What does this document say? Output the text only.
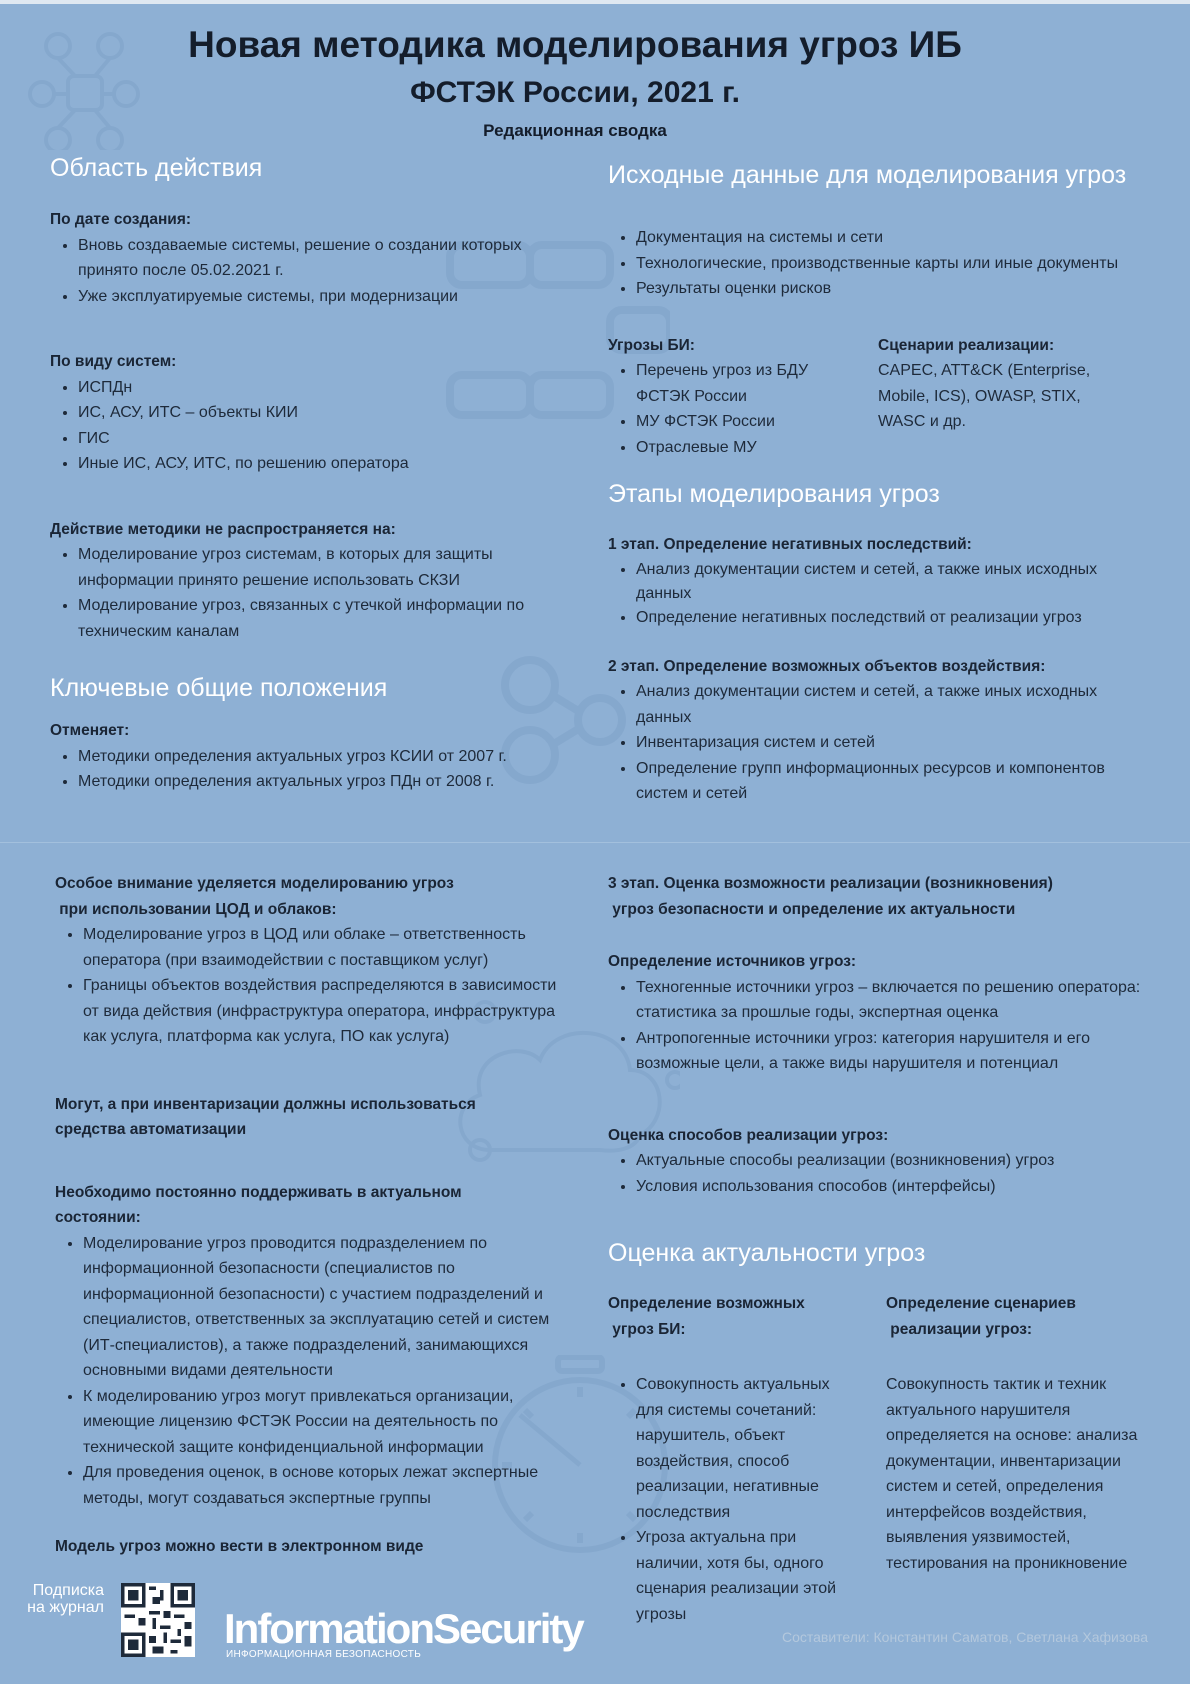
Новая методика моделирования угроз ИБ
ФСТЭК России, 2021 г.
Редакционная сводка
Область действия

По дате создания:

• Вновь создаваемые системы, решение о создании которых принято после 05.02.2021 г.
• Уже эксплуатируемые системы, при модернизации

По виду систем:

• ИСПДн
• ИС, АСУ, ИТС – объекты КИИ
• ГИС
• Иные ИС, АСУ, ИТС, по решению оператора

Действие методики не распространяется на:

• Моделирование угроз системам, в которых для защиты информации принято решение использовать СКЗИ
• Моделирование угроз, связанных с утечкой информации по техническим каналам
Ключевые общие положения

Отменяет:

• Методики определения актуальных угроз КСИИ от 2007 г.
• Методики определения актуальных угроз ПДн от 2008 г.
Исходные данные для моделирования угроз
• Документация на системы и сети
• Технологические, производственные карты или иные документы
• Результаты оценки рисков

Угрозы БИ:

• Перечень угроз из БДУ ФСТЭК России
• МУ ФСТЭК России
• Отраслевые МУ

Сценарии реализации:

CAPEC, ATT&CK (Enterprise, Mobile, ICS), OWASP, STIX, WASC и др.

Этапы моделирования угроз

1 этап. Определение негативных последствий:

• Анализ документации систем и сетей, а также иных исходных данных
• Определение негативных последствий от реализации угроз

2 этап. Определение возможных объектов воздействия:

• Анализ документации систем и сетей, а также иных исходных данных
• Инвентаризация систем и сетей
• Определение групп информационных ресурсов и компонентов систем и сетей

Особое внимание уделяется моделированию угроз

при использовании ЦОД и облаков:

• Моделирование угроз в ЦОД или облаке – ответственность оператора (при взаимодействии с поставщиком услуг)
• Границы объектов воздействия распределяются в зависимости от вида действия (инфраструктура оператора, инфраструктура как услуга, платформа как услуга, ПО как услуга)

Могут, а при инвентаризации должны использоваться средства автоматизации

Необходимо постоянно поддерживать в актуальном состоянии:

• Моделирование угроз проводится подразделением по информационной безопасности (специалистов по информационной безопасности) с участием подразделений и специалистов, ответственных за эксплуатацию сетей и систем (ИТ-специалистов), а также подразделений, занимающихся основными видами деятельности
• К моделированию угроз могут привлекаться организации, имеющие лицензию ФСТЭК России на деятельность по технической защите конфиденциальной информации
• Для проведения оценок, в основе которых лежат экспертные методы, могут создаваться экспертные группы

Модель угроз можно вести в электронном виде

3 этап. Оценка возможности реализации (возникновения)

угроз безопасности и определение их актуальности

Определение источников угроз:

• Техногенные источники угроз – включается по решению оператора: статистика за прошлые годы, экспертная оценка
• Антропогенные источники угроз: категория нарушителя и его возможные цели, а также виды нарушителя и потенциал

Оценка способов реализации угроз:

• Актуальные способы реализации (возникновения) угроз
• Условия использования способов (интерфейсы)
Оценка актуальности угроз

Определение возможных

угроз БИ:

• Совокупность актуальных для системы сочетаний: нарушитель, объект воздействия, способ реализации, негативные последствия
• Угроза актуальна при наличии, хотя бы, одного сценария реализации этой угрозы

Определение сценариев

реализации угроз:

Совокупность тактик и техник актуального нарушителя определяется на основе: анализа документации, инвентаризации систем и сетей, определения интерфейсов воздействия, выявления уязвимостей, тестирования на проникновение

Подписка
на журнал	InformationSecurity
ИНФОРМАЦИОННАЯ БЕЗОПАСНОСТЬ
Составители: Константин Саматов, Светлана Хафизова
